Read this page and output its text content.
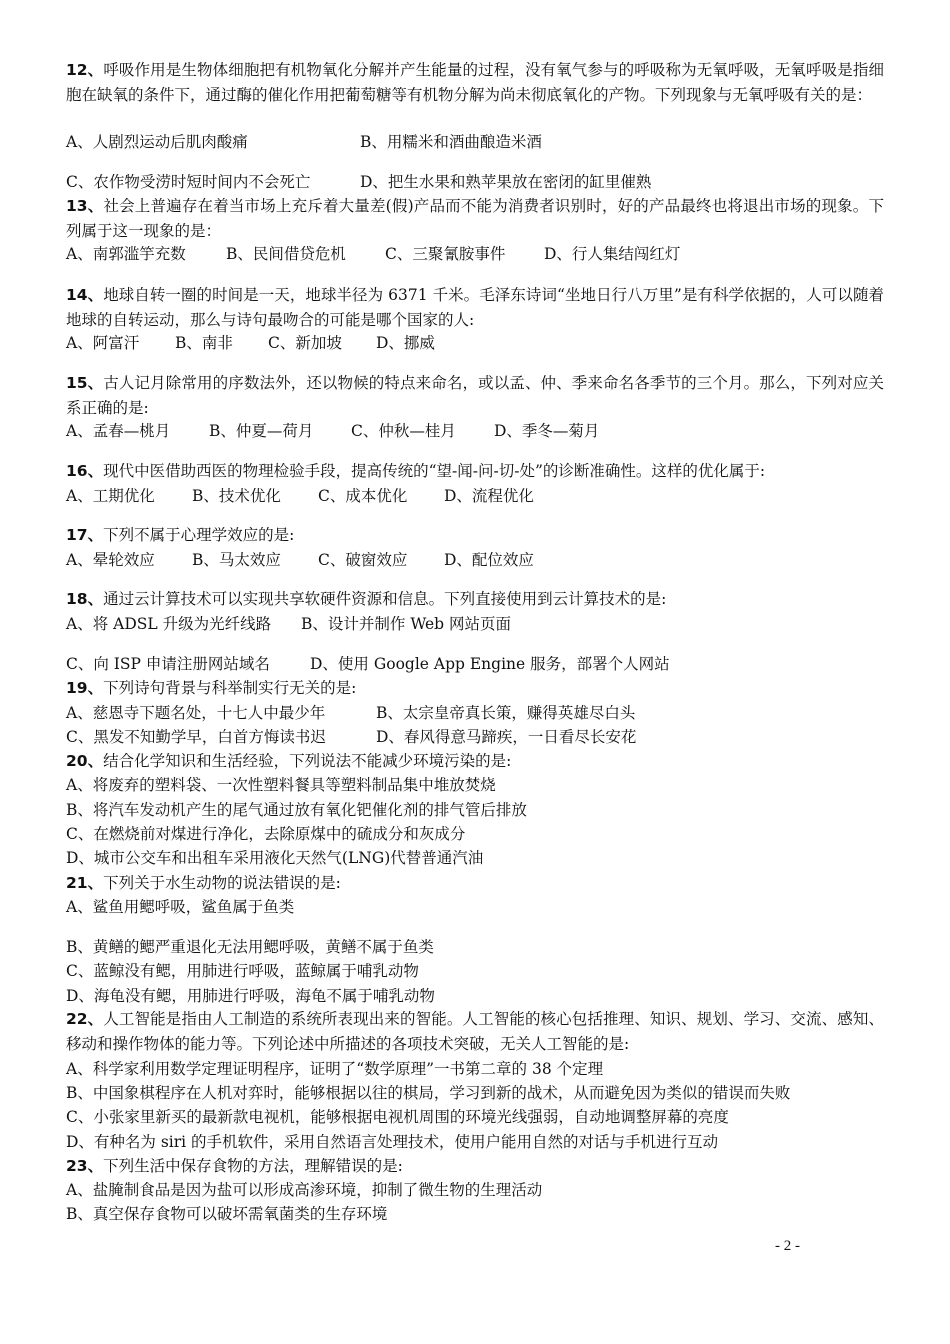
12、呼吸作用是生物体细胞把有机物氧化分解并产生能量的过程，没有氧气参与的呼吸称为无氧呼吸，无氧呼吸是指细胞在缺氧的条件下，通过酶的催化作用把葡萄糖等有机物分解为尚未彻底氧化的产物。下列现象与无氧呼吸有关的是：
A、人剧烈运动后肌肉酸痛	B、用糯米和酒曲酿造米酒
C、农作物受涝时短时间内不会死亡	D、把生水果和熟苹果放在密闭的缸里催熟
13、社会上普遍存在着当市场上充斥着大量差(假)产品而不能为消费者识别时，好的产品最终也将退出市场的现象。下列属于这一现象的是：
A、南郭滥竽充数	B、民间借贷危机	C、三聚氰胺事件 D、行人集结闯红灯
14、地球自转一圈的时间是一天，地球半径为 6371 千米。毛泽东诗词“坐地日行八万里”是有科学依据的，人可以随着地球的自转运动，那么与诗句最吻合的可能是哪个国家的人:
A、阿富汗 B、南非 C、新加坡 D、挪威
15、古人记月除常用的序数法外，还以物候的特点来命名，或以孟、仲、季来命名各季节的三个月。那么，下列对应关系正确的是:
A、孟春—桃月	B、仲夏—荷月 C、仲秋—桂月 D、季冬—菊月
16、现代中医借助西医的物理检验手段，提高传统的“望-闻-问-切-处”的诊断准确性。这样的优化属于:
A、工期优化 B、技术优化 C、成本优化 D、流程优化
17、下列不属于心理学效应的是:
A、晕轮效应 B、马太效应 C、破窗效应 D、配位效应
18、通过云计算技术可以实现共享软硬件资源和信息。下列直接使用到云计算技术的是:
A、将 ADSL 升级为光纤线路 B、设计并制作 Web 网站页面
C、向 ISP 申请注册网站域名	D、使用 Google App Engine 服务，部署个人网站
19、下列诗句背景与科举制实行无关的是:
A、慈恩寺下题名处，十七人中最少年	B、太宗皇帝真长策，赚得英雄尽白头
C、黑发不知勤学早，白首方悔读书迟	D、春风得意马蹄疾，一日看尽长安花
20、结合化学知识和生活经验，下列说法不能减少环境污染的是:
A、将废弃的塑料袋、一次性塑料餐具等塑料制品集中堆放焚烧
B、将汽车发动机产生的尾气通过放有氧化钯催化剂的排气管后排放
C、在燃烧前对煤进行净化，去除原煤中的硫成分和灰成分
D、城市公交车和出租车采用液化天然气(LNG)代替普通汽油
21、下列关于水生动物的说法错误的是:
A、鲨鱼用鳃呼吸，鲨鱼属于鱼类
B、黄鳝的鳃严重退化无法用鳃呼吸，黄鳝不属于鱼类
C、蓝鲸没有鳃，用肺进行呼吸，蓝鲸属于哺乳动物
D、海龟没有鳃，用肺进行呼吸，海龟不属于哺乳动物
22、人工智能是指由人工制造的系统所表现出来的智能。人工智能的核心包括推理、知识、规划、学习、交流、感知、移动和操作物体的能力等。下列论述中所描述的各项技术突破，无关人工智能的是:
A、科学家利用数学定理证明程序，证明了“数学原理”一书第二章的 38 个定理
B、中国象棋程序在人机对弈时，能够根据以往的棋局，学习到新的战术，从而避免因为类似的错误而失败
C、小张家里新买的最新款电视机，能够根据电视机周围的环境光线强弱，自动地调整屏幕的亮度
D、有种名为 siri 的手机软件，采用自然语言处理技术，使用户能用自然的对话与手机进行互动
23、下列生活中保存食物的方法，理解错误的是:
A、盐腌制食品是因为盐可以形成高渗环境，抑制了微生物的生理活动
B、真空保存食物可以破坏需氧菌类的生存环境
- 2 -
